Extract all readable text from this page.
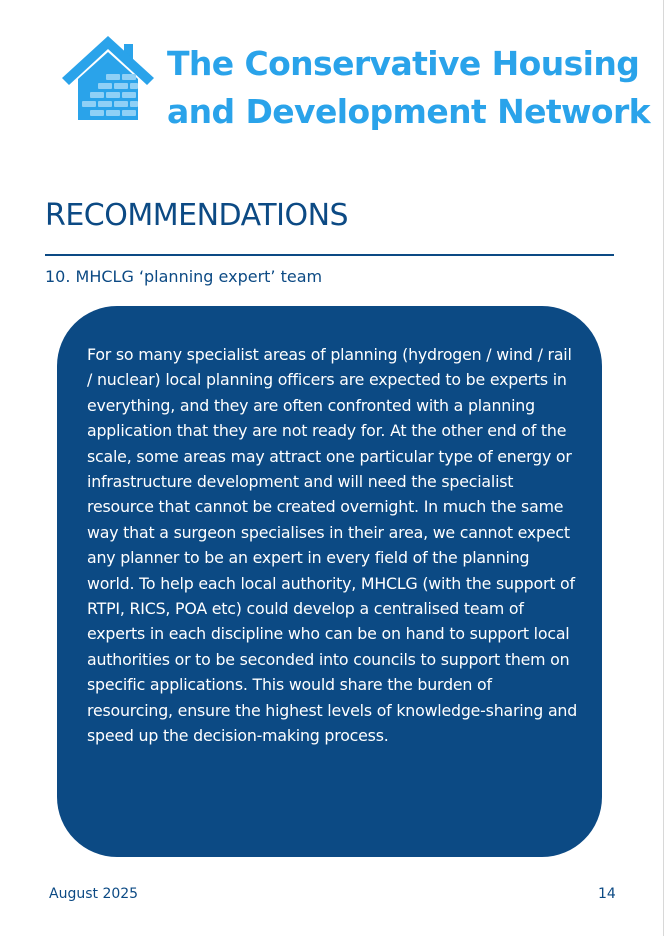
The Conservative Housing
and Development Network
RECOMMENDATIONS
10. MHCLG ‘planning expert’ team

For so many specialist areas of planning (hydrogen / wind / rail / nuclear) local planning officers are expected to be experts in everything, and they are often confronted with a planning application that they are not ready for. At the other end of the scale, some areas may attract one particular type of energy or infrastructure development and will need the specialist resource that cannot be created overnight. In much the same way that a surgeon specialises in their area, we cannot expect any planner to be an expert in every field of the planning world. To help each local authority, MHCLG (with the support of RTPI, RICS, POA etc) could develop a centralised team of experts in each discipline who can be on hand to support local authorities or to be seconded into councils to support them on specific applications. This would share the burden of resourcing, ensure the highest levels of knowledge-sharing and speed up the decision-making process.

August 2025	14
